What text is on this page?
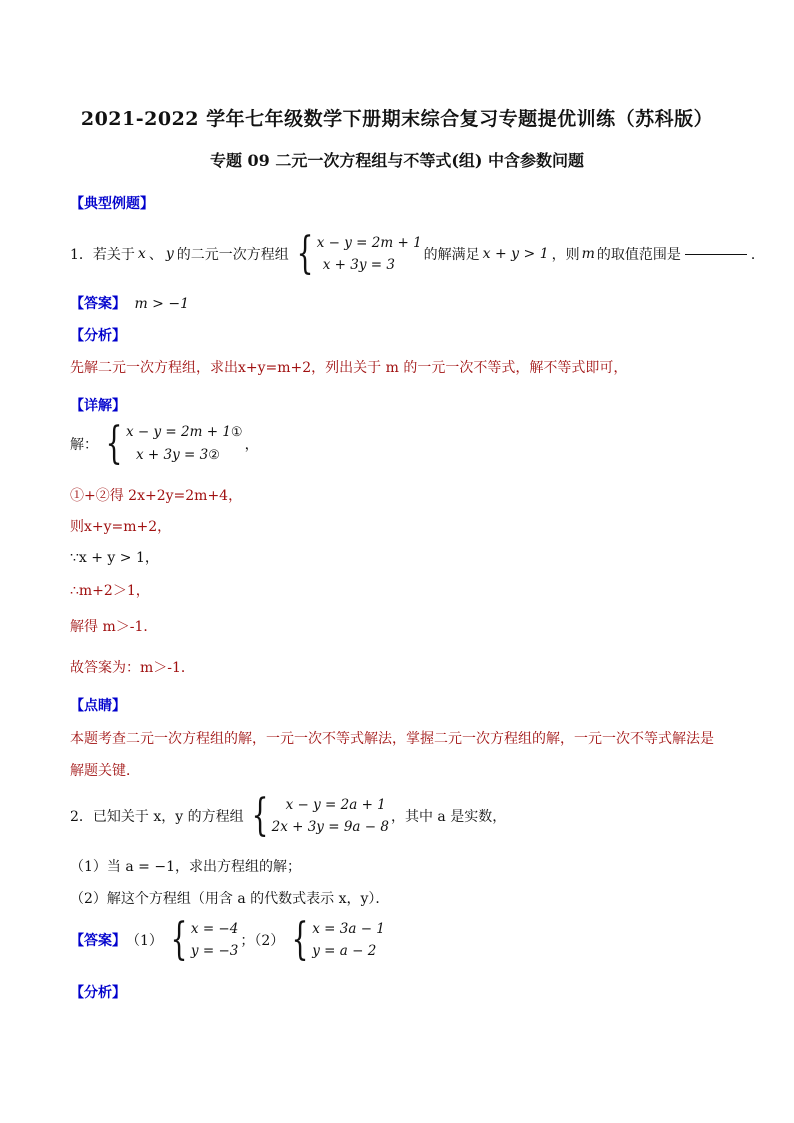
2021-2022 学年七年级数学下册期末综合复习专题提优训练（苏科版）
专题 09 二元一次方程组与不等式(组) 中含参数问题
【典型例题】
1．若关于 x 、 y 的二元一次方程组 { x − y = 2m + 1
x + 3y = 3
的解满足 x + y > 1 ，则 m 的取值范围是	．
【答案】 m > −1
【分析】
先解二元一次方程组，求出x+y=m+2，列出关于 m 的一元一次不等式，解不等式即可，
【详解】
解： { x − y = 2m + 1①
x + 3y = 3②
，
①+②得 2x+2y=2m+4，
则x+y=m+2，
∵x + y > 1，
∴m+2＞1，
解得 m＞-1．
故答案为：m＞-1．
【点睛】
本题考查二元一次方程组的解，一元一次不等式解法，掌握二元一次方程组的解，一元一次不等式解法是
解题关键．
2．已知关于 x，y 的方程组 {	x − y = 2a + 1
2x + 3y = 9a − 8
，其中 a 是实数，
（1）当 a = −1，求出方程组的解；
（2）解这个方程组（用含 a 的代数式表示 x，y）．
【答案】 （1） { x = −4
y = −3
；（2） { x = 3a − 1
y = a − 2
【分析】
